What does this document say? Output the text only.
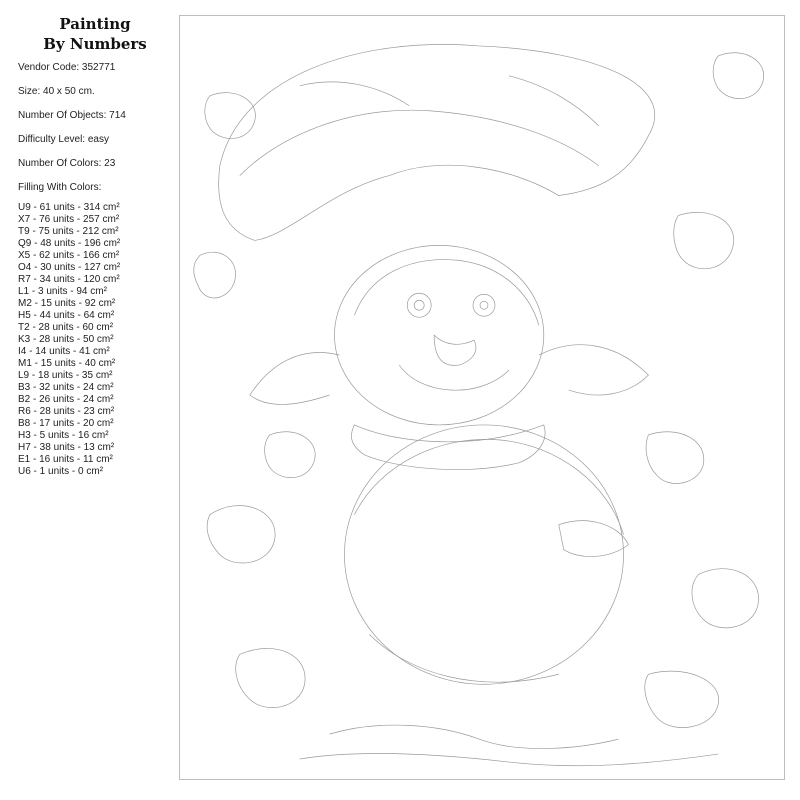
Painting
By Numbers
Vendor Code: 352771
Size: 40 x 50 cm.
Number Of Objects: 714
Difficulty Level: easy
Number Of Colors: 23
Filling With Colors:
U9 - 61 units - 314 cm²
X7 - 76 units - 257 cm²
T9 - 75 units - 212 cm²
Q9 - 48 units - 196 cm²
X5 - 62 units - 166 cm²
O4 - 30 units - 127 cm²
R7 - 34 units - 120 cm²
L1 - 3 units - 94 cm²
M2 - 15 units - 92 cm²
H5 - 44 units - 64 cm²
T2 - 28 units - 60 cm²
K3 - 28 units - 50 cm²
I4 - 14 units - 41 cm²
M1 - 15 units - 40 cm²
L9 - 18 units - 35 cm²
B3 - 32 units - 24 cm²
B2 - 26 units - 24 cm²
R6 - 28 units - 23 cm²
B8 - 17 units - 20 cm²
H3 - 5 units - 16 cm²
H7 - 38 units - 13 cm²
E1 - 16 units - 11 cm²
U6 - 1 units - 0 cm²
